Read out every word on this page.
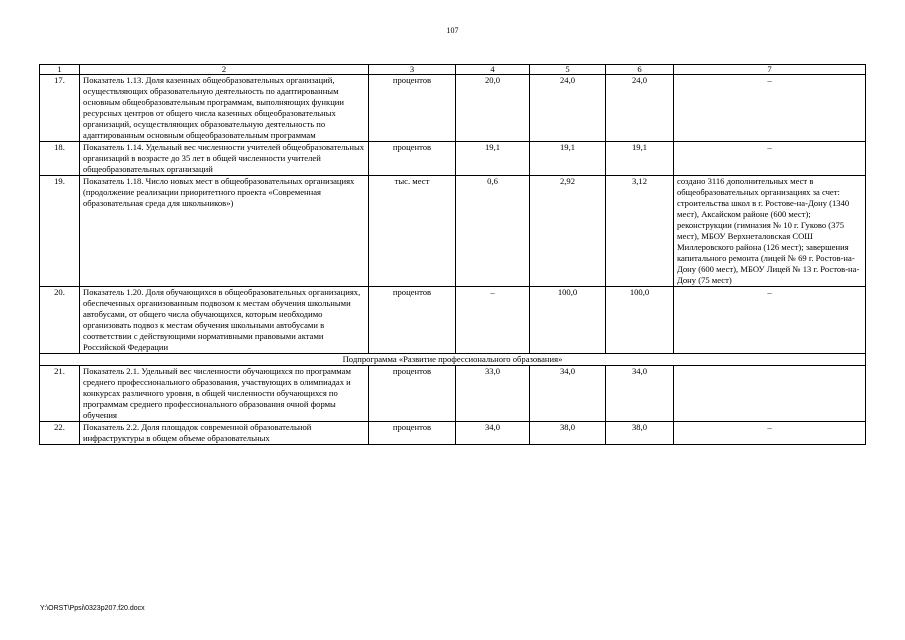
107
1	2	3	4	5	6	7
17.	Показатель 1.13. Доля казенных общеобразовательных организаций, осуществляющих образовательную деятельность по адаптированным основным общеобразовательным программам, выполняющих функции ресурсных центров от общего числа казенных общеобразовательных организаций, осуществляющих образовательную деятельность по адаптированным основным общеобразовательным программам	процентов	20,0	24,0	24,0	–
18.	Показатель 1.14. Удельный вес численности учителей общеобразовательных организаций в возрасте до 35 лет в общей численности учителей общеобразовательных организаций	процентов	19,1	19,1	19,1	–
19.	Показатель 1.18. Число новых мест в общеобразовательных организациях (продолжение реализации приоритетного проекта «Современная образовательная среда для школьников»)	тыс. мест	0,6	2,92	3,12	создано 3116 дополнительных мест в общеобразовательных организациях за счет: строительства школ в г. Ростове-на-Дону (1340 мест), Аксайском районе (600 мест); реконструкции (гимназия № 10 г. Гуково (375 мест), МБОУ Верхнеталовская СОШ Миллеровского района (126 мест); завершения капитального ремонта (лицей № 69 г. Ростов-на-Дону (600 мест), МБОУ Лицей № 13 г. Ростов-на-Дону (75 мест)
20.	Показатель 1.20. Доля обучающихся в общеобразовательных организациях, обеспеченных организованным подвозом к местам обучения школьными автобусами, от общего числа обучающихся, которым необходимо организовать подвоз к местам обучения школьными автобусами в соответствии с действующими нормативными правовыми актами Российской Федерации	процентов	–	100,0	100,0	–
Подпрограмма «Развитие профессионального образования»						
21.	Показатель 2.1. Удельный вес численности обучающихся по программам среднего профессионального образования, участвующих в олимпиадах и конкурсах различного уровня, в общей численности обучающихся по программам среднего профессионального образования очной формы обучения	процентов	33,0	34,0	34,0	
22.	Показатель 2.2. Доля площадок современной образовательной инфраструктуры в общем объеме образовательных	процентов	34,0	38,0	38,0	–
Y:\ORST\Ppsi\0323p207.f20.docx
